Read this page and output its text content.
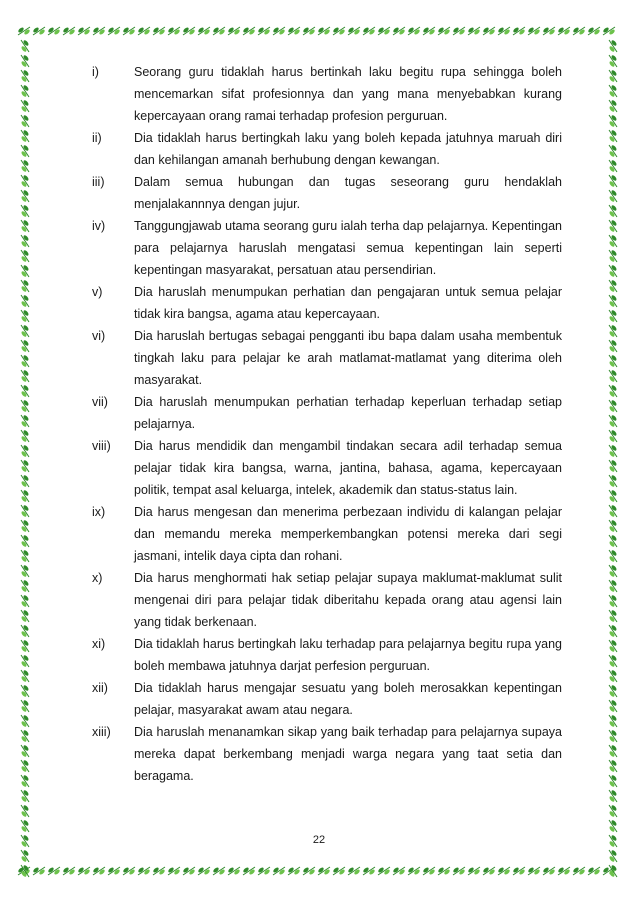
i)	Seorang guru tidaklah harus bertinkah laku begitu rupa sehingga boleh mencemarkan sifat profesionnya dan yang mana menyebabkan kurang kepercayaan orang ramai terhadap profesion perguruan.
ii)	Dia tidaklah harus bertingkah laku yang boleh kepada jatuhnya maruah diri dan kehilangan amanah berhubung dengan kewangan.
iii)	Dalam semua hubungan dan tugas seseorang guru hendaklah menjalakannnya dengan jujur.
iv)	Tanggungjawab utama seorang guru ialah terha dap pelajarnya. Kepentingan para pelajarnya haruslah mengatasi semua kepentingan lain seperti kepentingan masyarakat, persatuan atau persendirian.
v)	Dia haruslah menumpukan perhatian dan pengajaran untuk semua pelajar tidak kira bangsa, agama atau kepercayaan.
vi)	Dia haruslah bertugas sebagai pengganti ibu bapa dalam usaha membentuk tingkah laku para pelajar ke arah matlamat-matlamat yang diterima oleh masyarakat.
vii)	Dia haruslah menumpukan perhatian terhadap keperluan terhadap setiap pelajarnya.
viii)	Dia harus mendidik dan mengambil tindakan secara adil terhadap semua pelajar tidak kira bangsa, warna, jantina, bahasa, agama, kepercayaan politik, tempat asal keluarga, intelek, akademik dan status-status lain.
ix)	Dia harus mengesan dan menerima perbezaan individu di kalangan pelajar dan memandu mereka memperkembangkan potensi mereka dari segi jasmani, intelik daya cipta dan rohani.
x)	Dia harus menghormati hak setiap pelajar supaya maklumat-maklumat sulit mengenai diri para pelajar tidak diberitahu kepada orang atau agensi lain yang tidak berkenaan.
xi)	Dia tidaklah harus bertingkah laku terhadap para pelajarnya begitu rupa yang boleh membawa jatuhnya darjat perfesion perguruan.
xii)	Dia tidaklah harus mengajar sesuatu yang boleh merosakkan kepentingan pelajar, masyarakat awam atau negara.
xiii)	Dia haruslah menanamkan sikap yang baik terhadap para pelajarnya supaya mereka dapat berkembang menjadi warga negara yang taat setia dan beragama.
22
